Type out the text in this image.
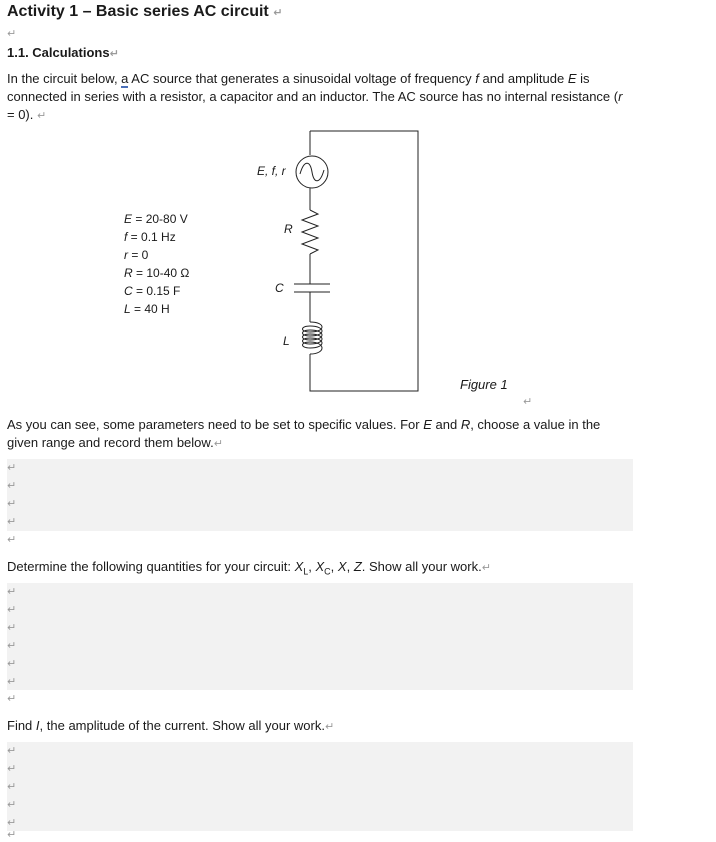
Activity 1 – Basic series AC circuit ↵
↵
1.1. Calculations↵
In the circuit below, a AC source that generates a sinusoidal voltage of frequency f and amplitude E is connected in series with a resistor, a capacitor and an inductor. The AC source has no internal resistance (r = 0). ↵
E = 20-80 V
f = 0.1 Hz
r = 0
R = 10-40 Ω
C = 0.15 F
L = 40 H
E, f, r
R
C
L
Figure 1
↵
As you can see, some parameters need to be set to specific values. For E and R, choose a value in the given range and record them below.↵
↵
↵
↵
↵
↵
Determine the following quantities for your circuit: $X_L$, $X_C$, X, Z. Show all your work.↵
↵
↵
↵
↵
↵
↵
↵
Find I, the amplitude of the current. Show all your work.↵
↵
↵
↵
↵
↵
↵
